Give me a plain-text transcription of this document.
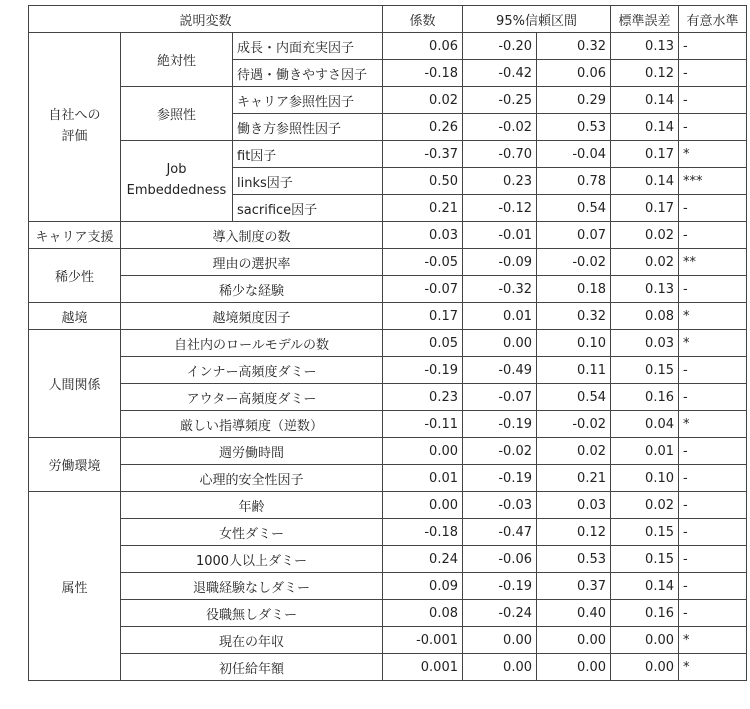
説明変数			係数	95%信頼区間		標準誤差	有意水準
自社への
評価	絶対性	成長・内面充実因子	0.06	-0.20	0.32	0.13	-
		待遇・働きやすさ因子	-0.18	-0.42	0.06	0.12	-
	参照性	キャリア参照性因子	0.02	-0.25	0.29	0.14	-
		働き方参照性因子	0.26	-0.02	0.53	0.14	-
	Job
Embeddedness	fit因子	-0.37	-0.70	-0.04	0.17	*
		links因子	0.50	0.23	0.78	0.14	***
		sacrifice因子	0.21	-0.12	0.54	0.17	-
キャリア支援	導入制度の数		0.03	-0.01	0.07	0.02	-
稀少性	理由の選択率		-0.05	-0.09	-0.02	0.02	**
	稀少な経験		-0.07	-0.32	0.18	0.13	-
越境	越境頻度因子		0.17	0.01	0.32	0.08	*
人間関係	自社内のロールモデルの数		0.05	0.00	0.10	0.03	*
	インナー高頻度ダミー		-0.19	-0.49	0.11	0.15	-
	アウター高頻度ダミー		0.23	-0.07	0.54	0.16	-
	厳しい指導頻度（逆数）		-0.11	-0.19	-0.02	0.04	*
労働環境	週労働時間		0.00	-0.02	0.02	0.01	-
	心理的安全性因子		0.01	-0.19	0.21	0.10	-
属性	年齢		0.00	-0.03	0.03	0.02	-
	女性ダミー		-0.18	-0.47	0.12	0.15	-
	1000人以上ダミー		0.24	-0.06	0.53	0.15	-
	退職経験なしダミー		0.09	-0.19	0.37	0.14	-
	役職無しダミー		0.08	-0.24	0.40	0.16	-
	現在の年収		-0.001	0.00	0.00	0.00	*
	初任給年額		0.001	0.00	0.00	0.00	*
